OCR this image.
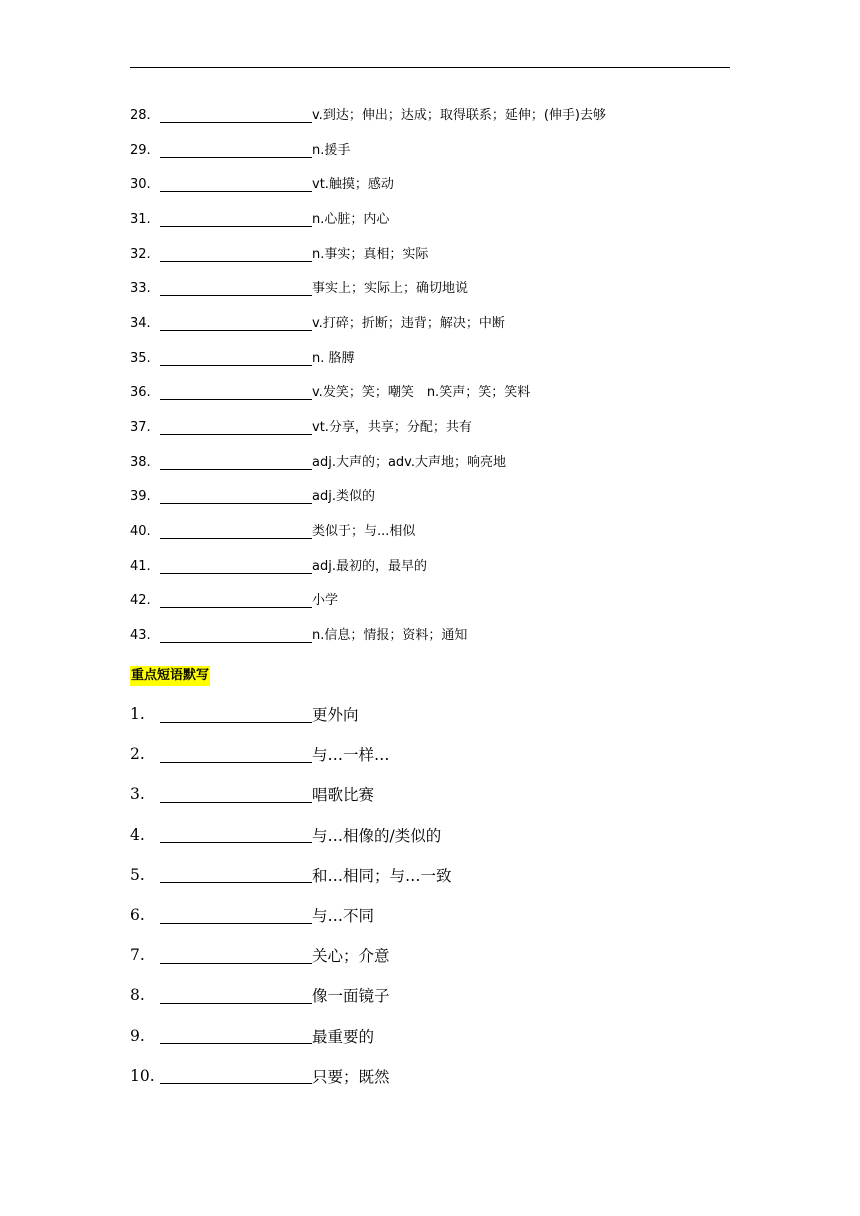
28.	v.到达；伸出；达成；取得联系；延伸；(伸手)去够
29.	n.援手
30.	vt.触摸；感动
31.	n.心脏；内心
32.	n.事实；真相；实际
33.	事实上；实际上；确切地说
34.	v.打碎；折断；违背；解决；中断
35.	n. 胳膊
36.	v.发笑；笑；嘲笑　n.笑声；笑；笑料
37.	vt.分享，共享；分配；共有
38.	adj.大声的；adv.大声地；响亮地
39.	adj.类似的
40.	类似于；与...相似
41.	adj.最初的，最早的
42.	小学
43.	n.信息；情报；资料；通知
重点短语默写
1.	更外向
2.	与…一样…
3.	唱歌比赛
4.	与…相像的/类似的
5.	和…相同；与…一致
6.	与…不同
7.	关心；介意
8.	像一面镜子
9.	最重要的
10.	只要；既然
